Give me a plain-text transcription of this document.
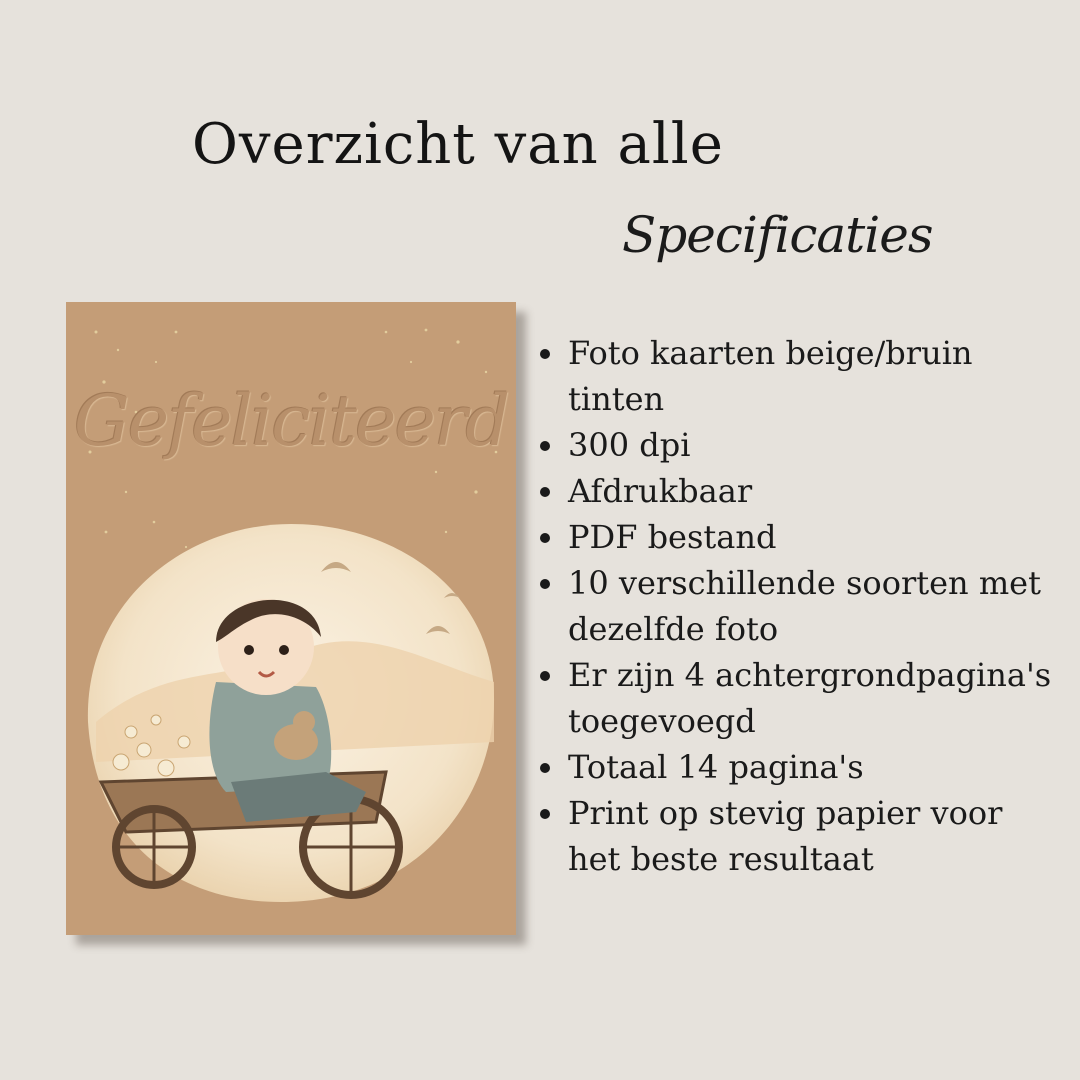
Overzicht van alle
Specificaties
Gefeliciteerd
Foto kaarten beige/bruin tinten
300 dpi
Afdrukbaar
PDF bestand
10 verschillende soorten met dezelfde foto
Er zijn 4 achtergrondpagina's toegevoegd
Totaal 14 pagina's
Print op stevig papier voor het beste resultaat
